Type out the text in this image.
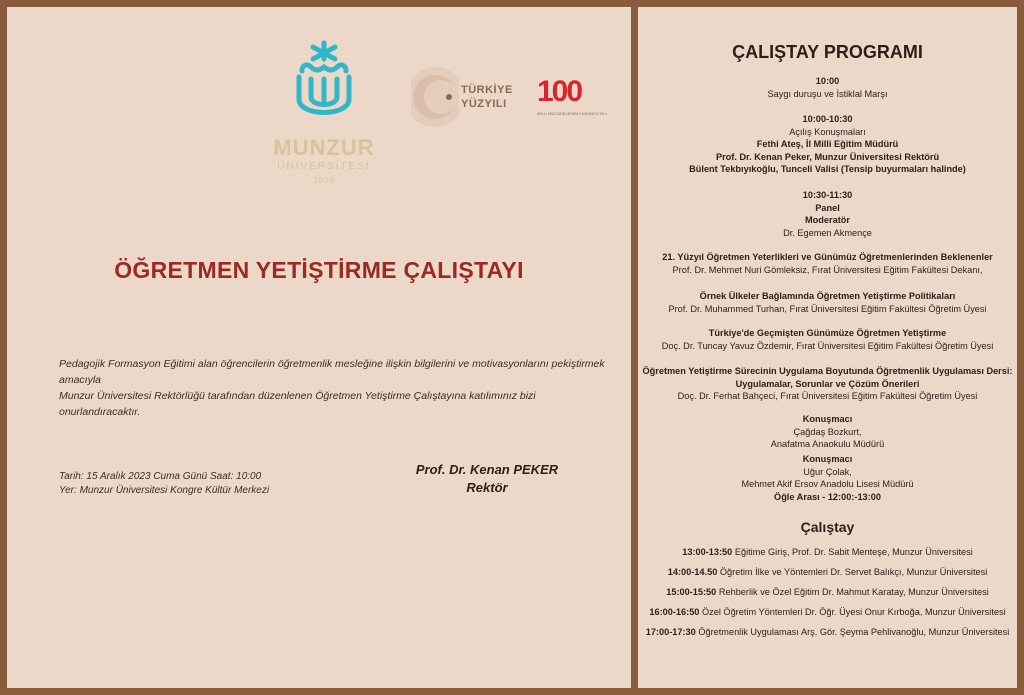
MUNZUR
ÜNİVERSİTESİ
2008
TÜRKİYE
YÜZYILI 100
MİLLİ MÜCADELE'NİN YÜZÜNCÜ YILI
ÖĞRETMEN YETİŞTİRME ÇALIŞTAYI
Pedagojik Formasyon Eğitimi alan öğrencilerin öğretmenlik mesleğine ilişkin bilgilerini ve motivasyonlarını pekiştirmek amacıyla
Munzur Üniversitesi Rektörlüğü tarafından düzenlenen Öğretmen Yetiştirme Çalıştayına katılımınız bizi onurlandıracaktır.
Tarih: 15 Aralık 2023 Cuma Günü Saat: 10:00
Yer: Munzur Üniversitesi Kongre Kültür Merkezi
Prof. Dr. Kenan PEKER
Rektör
ÇALIŞTAY PROGRAMI
10:00
Saygı duruşu ve İstiklal Marşı
10:00-10:30
Açılış Konuşmaları
Fethi Ateş, İl Milli Eğitim Müdürü
Prof. Dr. Kenan Peker, Munzur Üniversitesi Rektörü
Bülent Tekbıyıkoğlu, Tunceli Valisi (Tensip buyurmaları halinde)
10:30-11:30
Panel
Moderatör
Dr. Egemen Akmençe
21. Yüzyıl Öğretmen Yeterlikleri ve Günümüz Öğretmenlerinden Beklenenler
Prof. Dr. Mehmet Nuri Gömleksiz, Fırat Üniversitesi Eğitim Fakültesi Dekanı,
Örnek Ülkeler Bağlamında Öğretmen Yetiştirme Politikaları
Prof. Dr. Muhammed Turhan, Fırat Üniversitesi Eğitim Fakültesi Öğretim Üyesi
Türkiye'de Geçmişten Günümüze Öğretmen Yetiştirme
Doç. Dr. Tuncay Yavuz Özdemir, Fırat Üniversitesi Eğitim Fakültesi Öğretim Üyesi
Öğretmen Yetiştirme Sürecinin Uygulama Boyutunda Öğretmenlik Uygulaması Dersi:
Uygulamalar, Sorunlar ve Çözüm Önerileri
Doç. Dr. Ferhat Bahçeci, Fırat Üniversitesi Eğitim Fakültesi Öğretim Üyesi
Konuşmacı
Çağdaş Bozkurt,
Anafatma Anaokulu Müdürü
Konuşmacı
Uğur Çolak,
Mehmet Akif Ersov Anadolu Lisesi Müdürü
Öğle Arası - 12:00:-13:00
Çalıştay
13:00-13:50 Eğitime Giriş, Prof. Dr. Sabit Menteşe, Munzur Üniversitesi
14:00-14.50 Öğretim İlke ve Yöntemleri Dr. Servet Balıkçı, Munzur Üniversitesi
15:00-15:50 Rehberlik ve Özel Eğitim Dr. Mahmut Karatay, Munzur Üniversitesi
16:00-16:50 Özel Öğretim Yöntemleri Dr. Öğr. Üyesi Onur Kırboğa, Munzur Üniversitesi
17:00-17:30 Öğretmenlik Uygulaması Arş. Gör. Şeyma Pehlivanoğlu, Munzur Üniversitesi
